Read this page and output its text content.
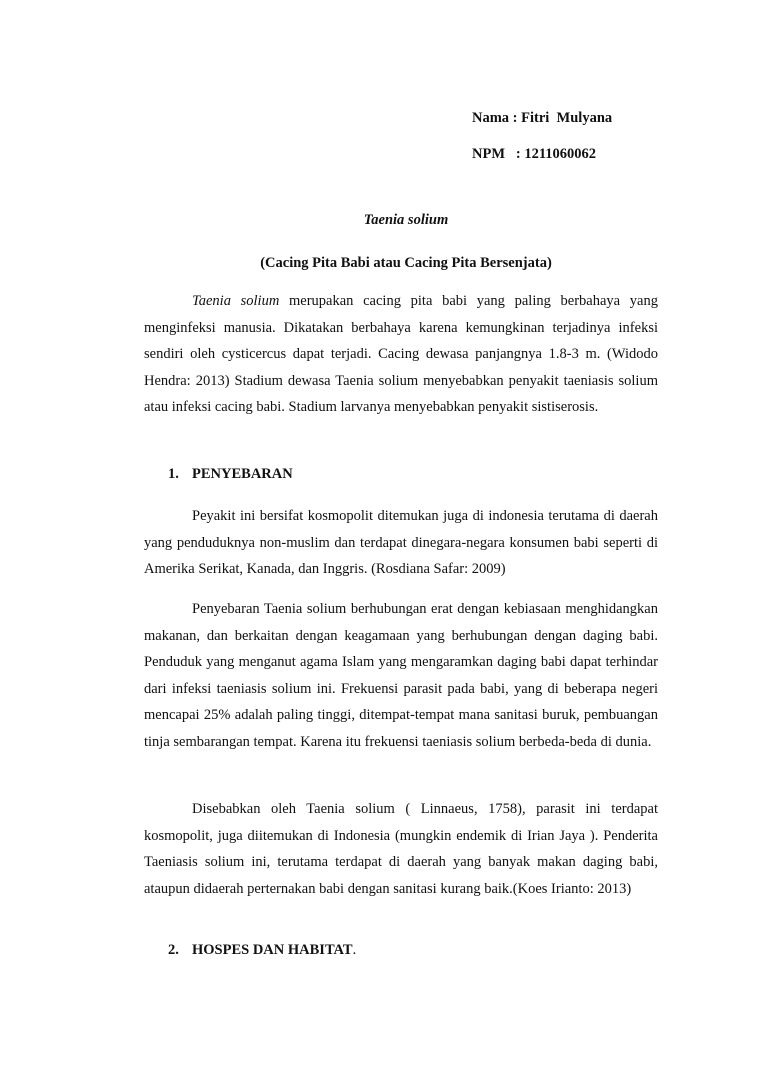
Nama : Fitri  Mulyana
NPM   : 1211060062
Taenia solium
(Cacing Pita Babi atau Cacing Pita Bersenjata)

Taenia solium merupakan cacing pita babi yang paling berbahaya yang menginfeksi manusia. Dikatakan berbahaya karena kemungkinan terjadinya infeksi sendiri oleh cysticercus dapat terjadi. Cacing dewasa panjangnya 1.8-3 m. (Widodo Hendra: 2013) Stadium dewasa Taenia solium menyebabkan penyakit taeniasis solium atau infeksi cacing babi. Stadium larvanya menyebabkan penyakit sistiserosis.

1. PENYEBARAN

Peyakit ini bersifat kosmopolit ditemukan juga di indonesia terutama di daerah yang penduduknya non-muslim dan terdapat dinegara-negara konsumen babi seperti di Amerika Serikat, Kanada, dan Inggris. (Rosdiana Safar: 2009)

Penyebaran Taenia solium berhubungan erat dengan kebiasaan menghidangkan makanan, dan berkaitan dengan keagamaan yang berhubungan dengan daging babi. Penduduk yang menganut agama Islam yang mengaramkan daging babi dapat terhindar dari infeksi taeniasis solium ini. Frekuensi parasit pada babi, yang di beberapa negeri mencapai 25% adalah paling tinggi, ditempat-tempat mana sanitasi buruk, pembuangan tinja sembarangan tempat. Karena itu frekuensi taeniasis solium berbeda-beda di dunia.

Disebabkan oleh Taenia solium ( Linnaeus, 1758), parasit ini terdapat kosmopolit, juga diitemukan di Indonesia (mungkin endemik di Irian Jaya ). Penderita Taeniasis solium ini, terutama terdapat di daerah yang banyak makan daging babi, ataupun didaerah perternakan babi dengan sanitasi kurang baik.(Koes Irianto: 2013)

2. HOSPES DAN HABITAT.
